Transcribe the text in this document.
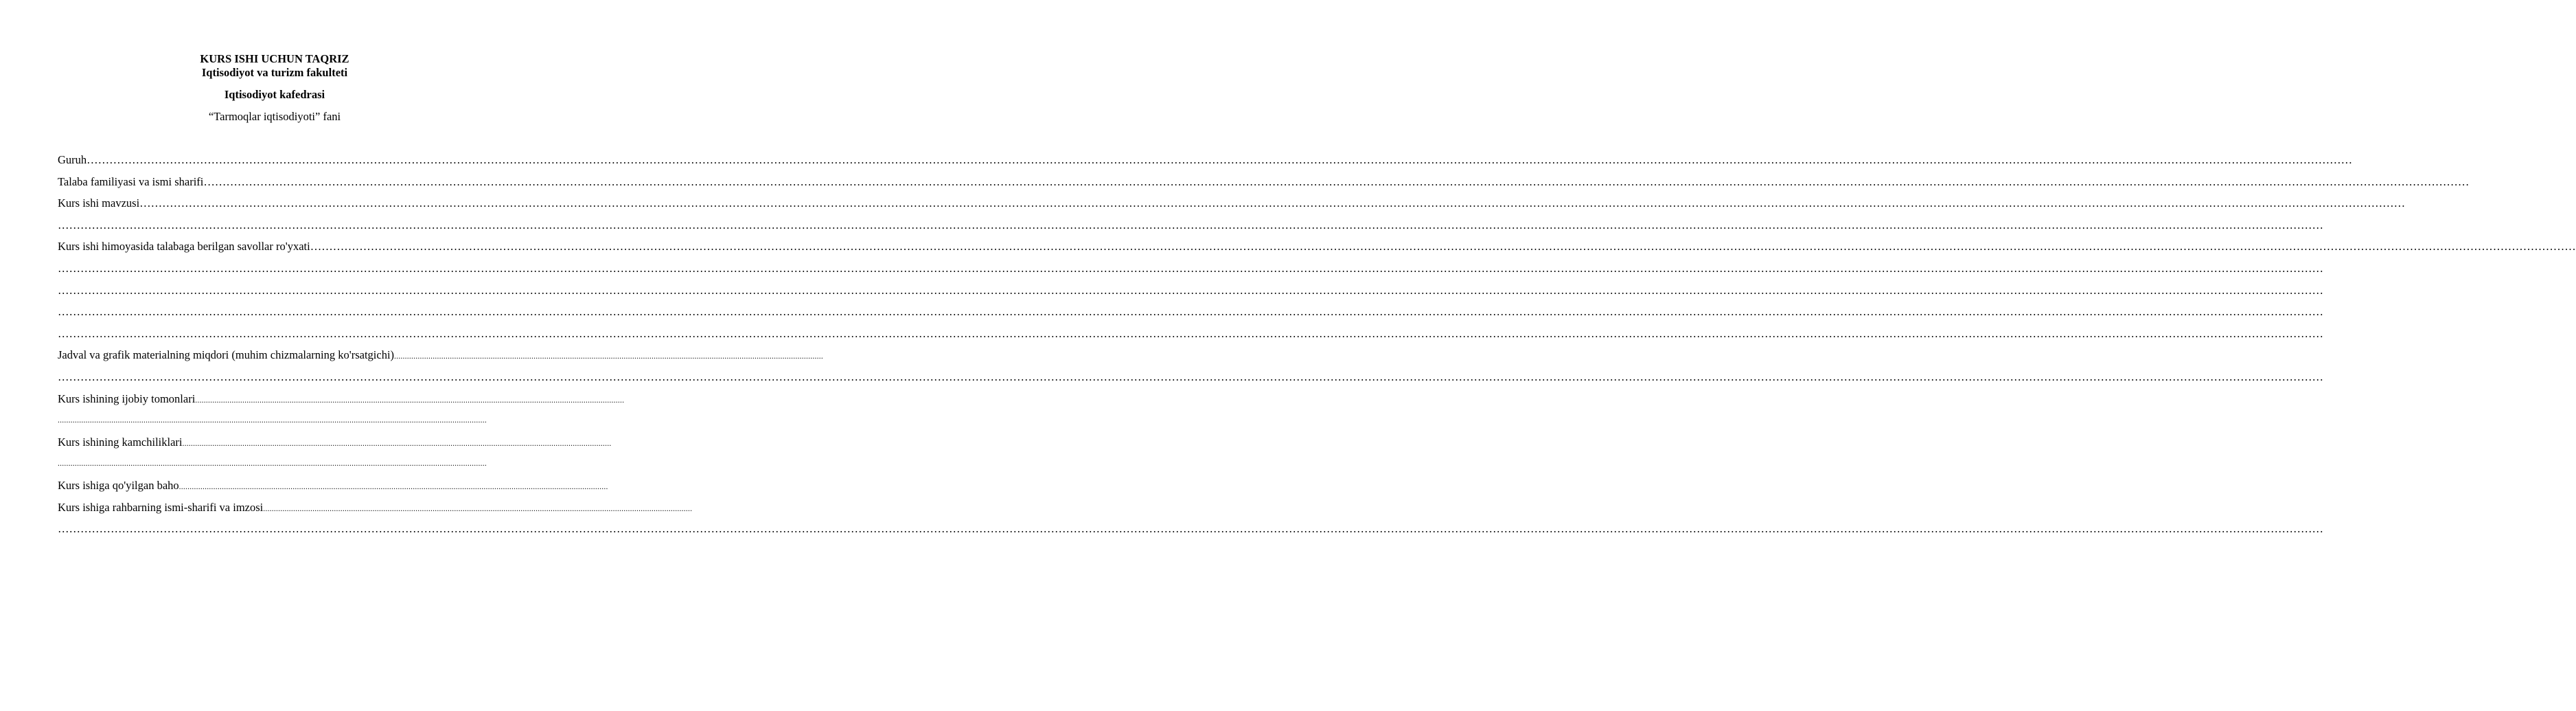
KURS ISHI UCHUN TAQRIZ
Iqtisodiyot va turizm fakulteti
Iqtisodiyot kafedrasi
“Tarmoqlar iqtisodiyoti” fani
Guruh ……………………………………………………………………………………………………………………………………………………………………………………………………………………………………………………………………………………………………………………………………………………………………………………………………………………………………………………………………………………………………………………………………………………
Talaba familiyasi va ismi sharifi ……………………………………………………………………………………………………………………………………………………………………………………………………………………………………………………………………………………………………………………………………………………………………………………………………………………………………………………………………………………………………………………………………………………
Kurs ishi mavzusi ……………………………………………………………………………………………………………………………………………………………………………………………………………………………………………………………………………………………………………………………………………………………………………………………………………………………………………………………………………………………………………………………………………………
……………………………………………………………………………………………………………………………………………………………………………………………………………………………………………………………………………………………………………………………………………………………………………………………………………………………………………………………………………………………………………………………………………………
Kurs ishi himoyasida talabaga berilgan savollar ro'yxati ……………………………………………………………………………………………………………………………………………………………………………………………………………………………………………………………………………………………………………………………………………………………………………………………………………………………………………………………………………………………………………………………………………………
……………………………………………………………………………………………………………………………………………………………………………………………………………………………………………………………………………………………………………………………………………………………………………………………………………………………………………………………………………………………………………………………………………………
……………………………………………………………………………………………………………………………………………………………………………………………………………………………………………………………………………………………………………………………………………………………………………………………………………………………………………………………………………………………………………………………………………………
……………………………………………………………………………………………………………………………………………………………………………………………………………………………………………………………………………………………………………………………………………………………………………………………………………………………………………………………………………………………………………………………………………………
……………………………………………………………………………………………………………………………………………………………………………………………………………………………………………………………………………………………………………………………………………………………………………………………………………………………………………………………………………………………………………………………………………………
Jadval va grafik materialning miqdori (muhim chizmalarning ko'rsatgichi) ........................................................................................................................................................................................................
……………………………………………………………………………………………………………………………………………………………………………………………………………………………………………………………………………………………………………………………………………………………………………………………………………………………………………………………………………………………………………………………………………………
Kurs ishining ijobiy tomonlari ........................................................................................................................................................................................................
........................................................................................................................................................................................................
Kurs ishining kamchiliklari ........................................................................................................................................................................................................
........................................................................................................................................................................................................
Kurs ishiga qo'yilgan baho ........................................................................................................................................................................................................
Kurs ishiga rahbarning ismi-sharifi va imzosi ........................................................................................................................................................................................................
……………………………………………………………………………………………………………………………………………………………………………………………………………………………………………………………………………………………………………………………………………………………………………………………………………………………………………………………………………………………………………………………………………………
